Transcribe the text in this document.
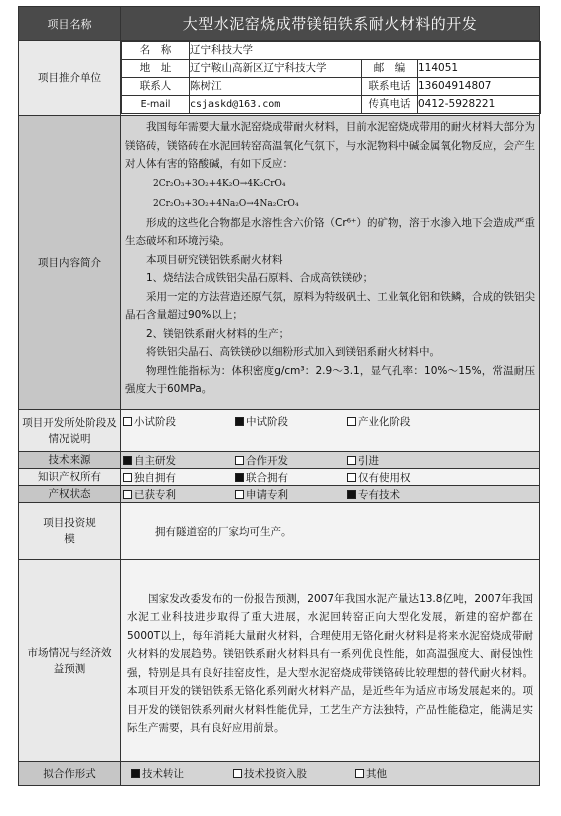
项目名称	大型水泥窑烧成带镁铝铁系耐火材料的开发
项目推介单位	
名　称	辽宁科技大学
地　址	辽宁鞍山高新区辽宁科技大学	邮　编	114051
联系人	陈树江	联系电话	13604914807
E-mail	csjaskd@163.com	传真电话	0412-5928221

项目内容简介	

我国每年需要大量水泥窑烧成带耐火材料，目前水泥窑烧成带用的耐火材料大部分为镁铬砖，镁铬砖在水泥回转窑高温氧化气氛下，与水泥物料中碱金属氧化物反应，会产生对人体有害的铬酸碱，有如下反应：

2Cr₂O₃+3O₂+4K₂O→4K₂CrO₄

2Cr₂O₃+3O₂+4Na₂O→4Na₂CrO₄

形成的这些化合物都是水溶性含六价铬（Cr⁶⁺）的矿物，溶于水渗入地下会造成严重生态破坏和环境污染。

本项目研究镁铝铁系耐火材料

1、烧结法合成铁铝尖晶石原料、合成高铁镁砂；

采用一定的方法营造还原气氛，原料为特级矾土、工业氧化铝和铁鳞，合成的铁铝尖晶石含量超过90%以上；

2、镁铝铁系耐火材料的生产；

将铁铝尖晶石、高铁镁砂以细粉形式加入到镁铝系耐火材料中。

物理性能指标为：体积密度g/cm³：2.9～3.1，显气孔率：10%～15%，常温耐压强度大于60MPa。

项目开发所处阶段及情况说明	
小试阶段	中试阶段	产业化阶段

技术来源	自主研发	合作开发	引进

知识产权所有	独自拥有	联合拥有	仅有使用权

产权状态	已获专利	申请专利	专有技术

项目投资规模	拥有隧道窑的厂家均可生产。
市场情况与经济效益预测	

国家发改委发布的一份报告预测，2007年我国水泥产量达13.8亿吨，2007年我国水泥工业科技进步取得了重大进展，水泥回转窑正向大型化发展，新建的窑炉都在5000T以上，每年消耗大量耐火材料，合理使用无铬化耐火材料是将来水泥窑烧成带耐火材料的发展趋势。镁铝铁系耐火材料具有一系列优良性能，如高温强度大、耐侵蚀性强，特别是具有良好挂窑皮性，是大型水泥窑烧成带镁铬砖比较理想的替代耐火材料。本项目开发的镁铝铁系无铬化系列耐火材料产品，是近些年为适应市场发展起来的。项目开发的镁铝铁系列耐火材料性能优异，工艺生产方法独特，产品性能稳定，能满足实际生产需要，具有良好应用前景。

拟合作形式	技术转让	技术投资入股	其他
